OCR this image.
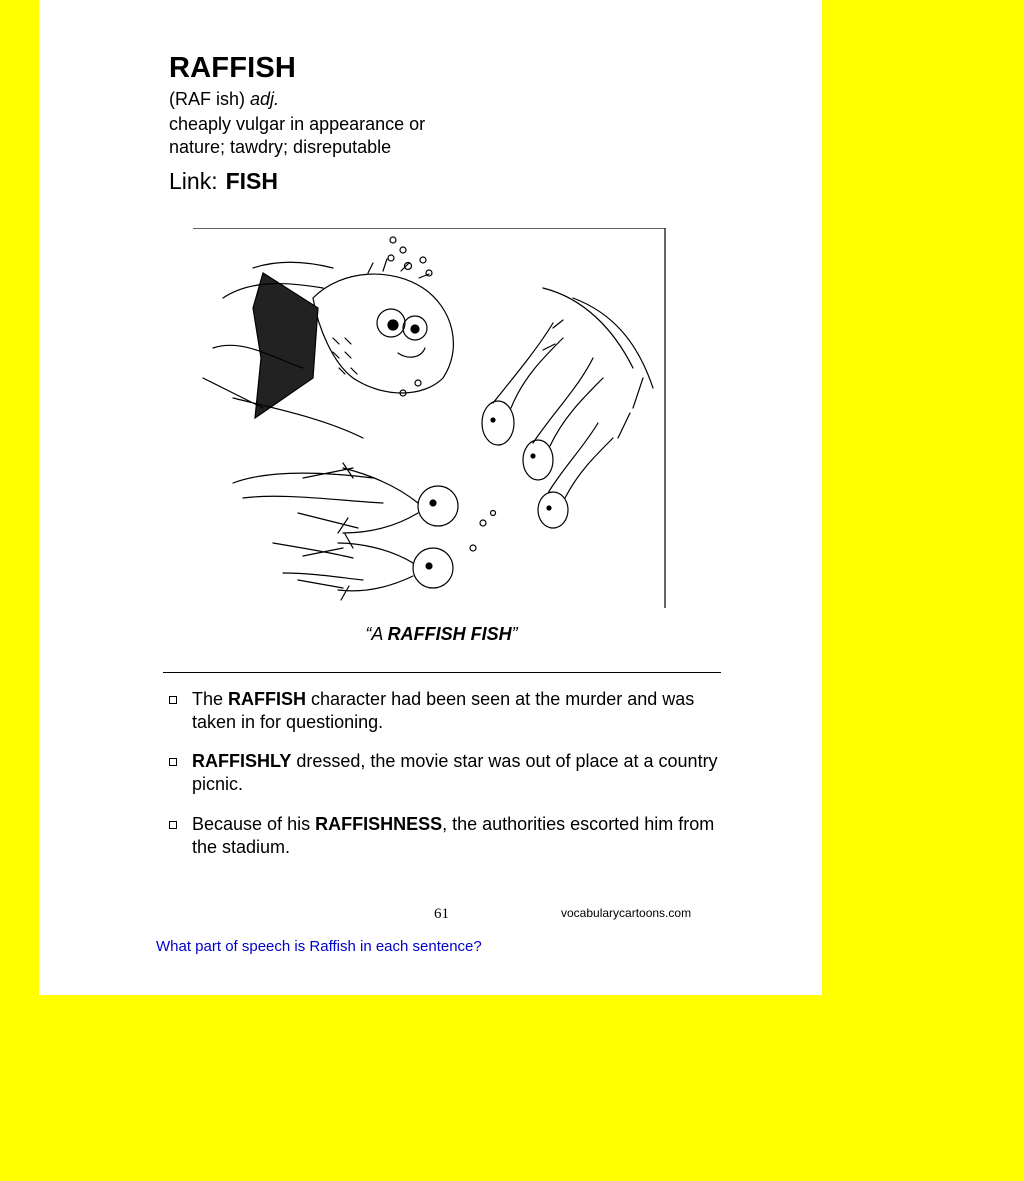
RAFFISH
(RAF ish) adj.
cheaply vulgar in appearance or
nature; tawdry; disreputable
Link: FISH
“A RAFFISH FISH”
The RAFFISH character had been seen at the murder and was taken in for questioning.
RAFFISHLY dressed, the movie star was out of place at a country picnic.
Because of his RAFFISHNESS, the authorities escorted him from the stadium.
61	vocabularycartoons.com
What part of speech is Raffish in each sentence?
